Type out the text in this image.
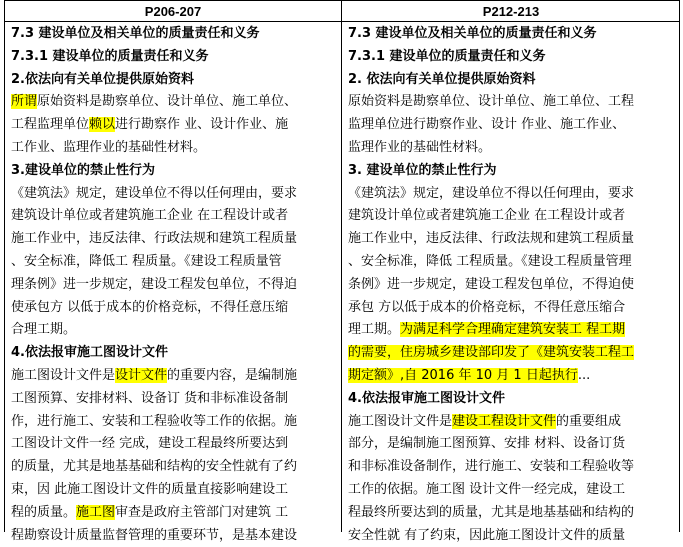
P206-207
7.3 建设单位及相关单位的质量责任和义务
7.3.1 建设单位的质量责任和义务
2.依法向有关单位提供原始资料
所谓原始资料是勘察单位、设计单位、施工单位、
工程监理单位赖以进行勘察作 业、设计作业、施
工作业、监理作业的基础性材料。
3.建设单位的禁止性行为
《建筑法》规定，建设单位不得以任何理由，要求
建筑设计单位或者建筑施工企业 在工程设计或者
施工作业中，违反法律、行政法规和建筑工程质量
、安全标准，降低工 程质量。《建设工程质量管
理条例》进一步规定，建设工程发包单位，不得迫
使承包方 以低于成本的价格竞标，不得任意压缩
合理工期。
4.依法报审施工图设计文件
施工图设计文件是设计文件的重要内容，是编制施
工图预算、安排材料、设备订 货和非标准设备制
作，进行施工、安装和工程验收等工作的依据。施
工图设计文件一经 完成，建设工程最终所要达到
的质量，尤其是地基基础和结构的安全性就有了约
束，因 此施工图设计文件的质量直接影响建设工
程的质量。施工图审查是政府主管部门对建筑 工
程勘察设计质量监督管理的重要环节，是基本建设
P212-213
7.3 建设单位及相关单位的质量责任和义务
7.3.1 建设单位的质量责任和义务
2. 依法向有关单位提供原始资料
原始资料是勘察单位、设计单位、施工单位、工程
监理单位进行勘察作业、设计 作业、施工作业、
监理作业的基础性材料。
3. 建设单位的禁止性行为
《建筑法》规定，建设单位不得以任何理由，要求
建筑设计单位或者建筑施工企业 在工程设计或者
施工作业中，违反法律、行政法规和建筑工程质量
、安全标准，降低 工程质量。《建设工程质量管理
条例》进一步规定，建设工程发包单位，不得迫使
承包 方以低于成本的价格竞标，不得任意压缩合
理工期。为满足科学合理确定建筑安装工 程工期
的需要，住房城乡建设部印发了《建筑安装工程工
期定额》,自 2016 年 10 月 1 日起执行...
4.依法报审施工图设计文件
施工图设计文件是建设工程设计文件的重要组成
部分，是编制施工图预算、安排 材料、设备订货
和非标准设备制作，进行施工、安装和工程验收等
工作的依据。施工图 设计文件一经完成，建设工
程最终所要达到的质量，尤其是地基基础和结构的
安全性就 有了约束，因此施工图设计文件的质量
